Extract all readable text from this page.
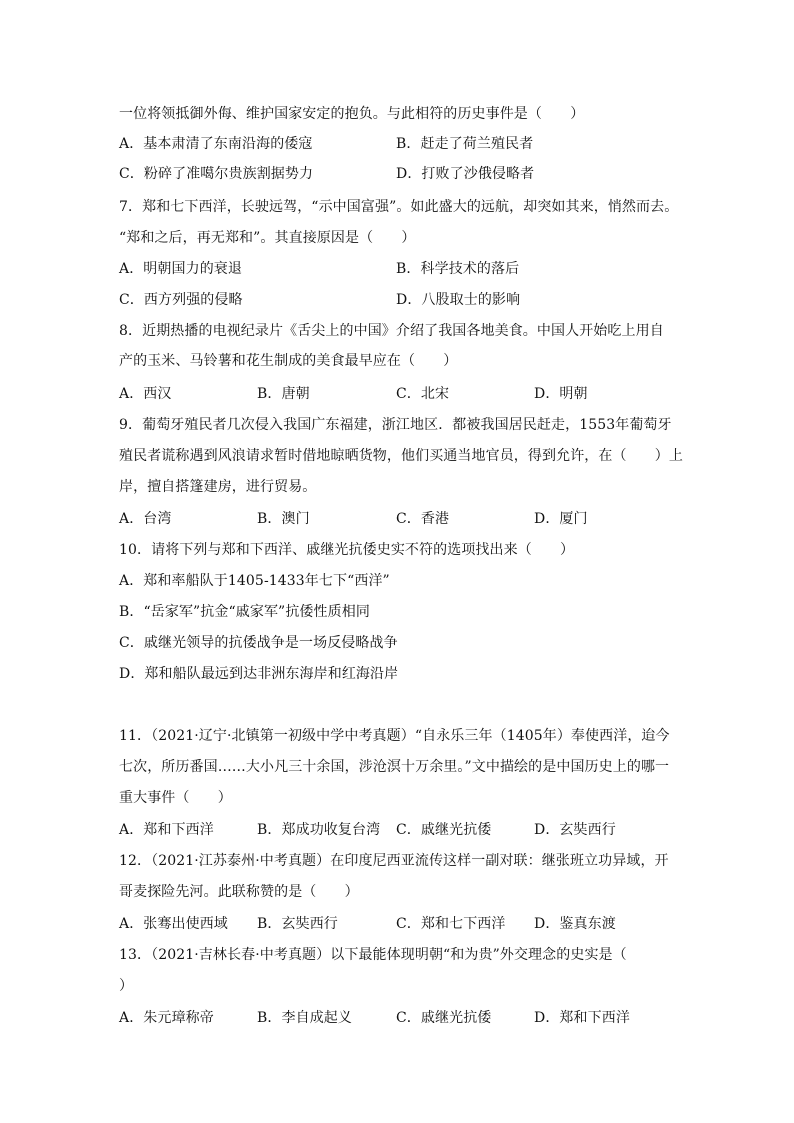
一位将领抵御外侮、维护国家安定的抱负。与此相符的历史事件是（　　）
A．基本肃清了东南沿海的倭寇	B．赶走了荷兰殖民者
C．粉碎了准噶尔贵族割据势力	D．打败了沙俄侵略者
7．郑和七下西洋，长驶远驾，“示中国富强”。如此盛大的远航，却突如其来，悄然而去。
“郑和之后，再无郑和”。其直接原因是（　　）
A．明朝国力的衰退	B．科学技术的落后
C．西方列强的侵略	D．八股取士的影响
8．近期热播的电视纪录片《舌尖上的中国》介绍了我国各地美食。中国人开始吃上用自
产的玉米、马铃薯和花生制成的美食最早应在（　　）
A．西汉	B．唐朝	C．北宋	D．明朝
9．葡萄牙殖民者几次侵入我国广东福建，浙江地区．都被我国居民赶走，1553年葡萄牙
殖民者谎称遇到风浪请求暂时借地晾晒货物，他们买通当地官员，得到允许，在（　　）上
岸，擅自搭篷建房，进行贸易。
A．台湾	B．澳门	C．香港	D．厦门
10．请将下列与郑和下西洋、戚继光抗倭史实不符的选项找出来（　　）
A．郑和率船队于1405-1433年七下“西洋”
B．“岳家军”抗金“戚家军”抗倭性质相同
C．戚继光领导的抗倭战争是一场反侵略战争
D．郑和船队最远到达非洲东海岸和红海沿岸
11．（2021·辽宁·北镇第一初级中学中考真题）“自永乐三年（1405年）奉使西洋，迨今
七次，所历番国……大小凡三十余国，涉沧溟十万余里。”文中描绘的是中国历史上的哪一
重大事件（　　）
A．郑和下西洋	B．郑成功收复台湾 C．戚继光抗倭	D．玄奘西行
12．（2021·江苏泰州·中考真题）在印度尼西亚流传这样一副对联：继张班立功异域，开
哥麦探险先河。此联称赞的是（　　）
A．张骞出使西域 B．玄奘西行	C．郑和七下西洋 D．鉴真东渡
13．（2021·吉林长春·中考真题）以下最能体现明朝“和为贵”外交理念的史实是（
）
A．朱元璋称帝	B．李自成起义	C．戚继光抗倭	D．郑和下西洋
